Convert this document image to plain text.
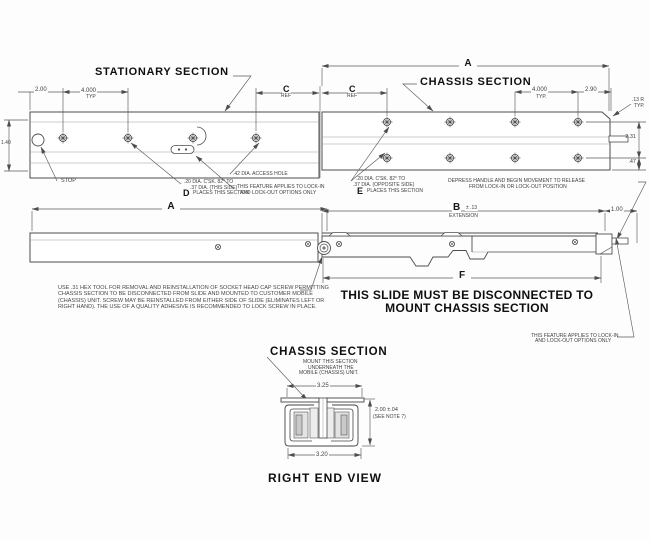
STATIONARY SECTION
CHASSIS SECTION
A
2.00	4.000
TYP
C
REF
C
REF
4.000
TYP.
2.90
1.40
.13 R
TYP.
2.31
.47
STOP	.20 DIA. C'SK. 82° TO
.37 DIA. (THIS SIDE)
D PLACES THIS SECTION
.42 DIA. ACCESS HOLE
THIS FEATURE APPLIES TO LOCK-IN
AND LOCK-OUT OPTIONS ONLY
.20 DIA. C'SK. 82° TO
.37 DIA. (OPPOSITE SIDE)
E PLACES THIS SECTION
DEPRESS HANDLE AND BEGIN MOVEMENT TO RELEASE
FROM LOCK-IN OR LOCK-OUT POSITION
A	B ± .13
EXTENSION
1.00
F
USE .31 HEX TOOL FOR REMOVAL AND REINSTALLATION OF SOCKET HEAD CAP SCREW PERMITTING
CHASSIS SECTION TO BE DISCONNECTED FROM SLIDE AND MOUNTED TO CUSTOMER MOBILE
(CHASSIS) UNIT. SCREW MAY BE REINSTALLED FROM EITHER SIDE OF SLIDE (ELIMINATES LEFT OR
RIGHT HAND). THE USE OF A QUALITY ADHESIVE IS RECOMMENDED TO LOCK SCREW IN PLACE.
THIS SLIDE MUST BE DISCONNECTED TO
MOUNT CHASSIS SECTION
THIS FEATURE APPLIES TO LOCK-IN
AND LOCK-OUT OPTIONS ONLY
CHASSIS SECTION
MOUNT THIS SECTION
UNDERNEATH THE
MOBILE (CHASSIS) UNIT.
3.25
2.00 ±.04
(SEE NOTE 7)
3.20
RIGHT END VIEW
